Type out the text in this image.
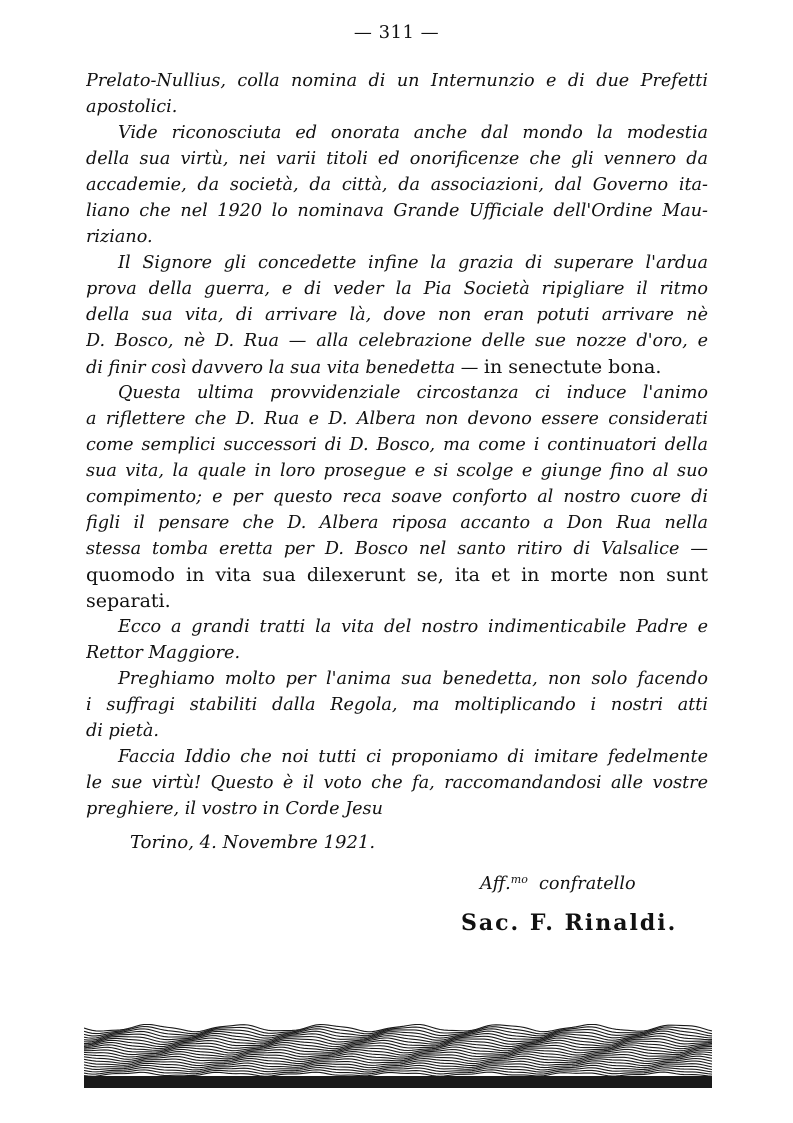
— 311 —
Prelato-Nullius, colla nomina di un Internunzio e di due Prefetti
apostolici.
Vide riconosciuta ed onorata anche dal mondo la modestia
della sua virtù, nei varii titoli ed onorificenze che gli vennero da
accademie, da società, da città, da associazioni, dal Governo ita-
liano che nel 1920 lo nominava Grande Ufficiale dell'Ordine Mau-
riziano.
Il Signore gli concedette infine la grazia di superare l'ardua
prova della guerra, e di veder la Pia Società ripigliare il ritmo
della sua vita, di arrivare là, dove non eran potuti arrivare nè
D. Bosco, nè D. Rua — alla celebrazione delle sue nozze d'oro, e
di finir così davvero la sua vita benedetta — in senectute bona.
Questa ultima provvidenziale circostanza ci induce l'animo
a riflettere che D. Rua e D. Albera non devono essere considerati
come semplici successori di D. Bosco, ma come i continuatori della
sua vita, la quale in loro prosegue e si scolge e giunge fino al suo
compimento; e per questo reca soave conforto al nostro cuore di
figli il pensare che D. Albera riposa accanto a Don Rua nella
stessa tomba eretta per D. Bosco nel santo ritiro di Valsalice —
quomodo in vita sua dilexerunt se, ita et in morte non sunt
separati.
Ecco a grandi tratti la vita del nostro indimenticabile Padre e
Rettor Maggiore.
Preghiamo molto per l'anima sua benedetta, non solo facendo
i suffragi stabiliti dalla Regola, ma moltiplicando i nostri atti
di pietà.
Faccia Iddio che noi tutti ci proponiamo di imitare fedelmente
le sue virtù! Questo è il voto che fa, raccomandandosi alle vostre
preghiere, il vostro in Corde Jesu
Torino, 4. Novembre 1921.
Aff.$^{mo}$ confratello
Sac. F. Rinaldi.
